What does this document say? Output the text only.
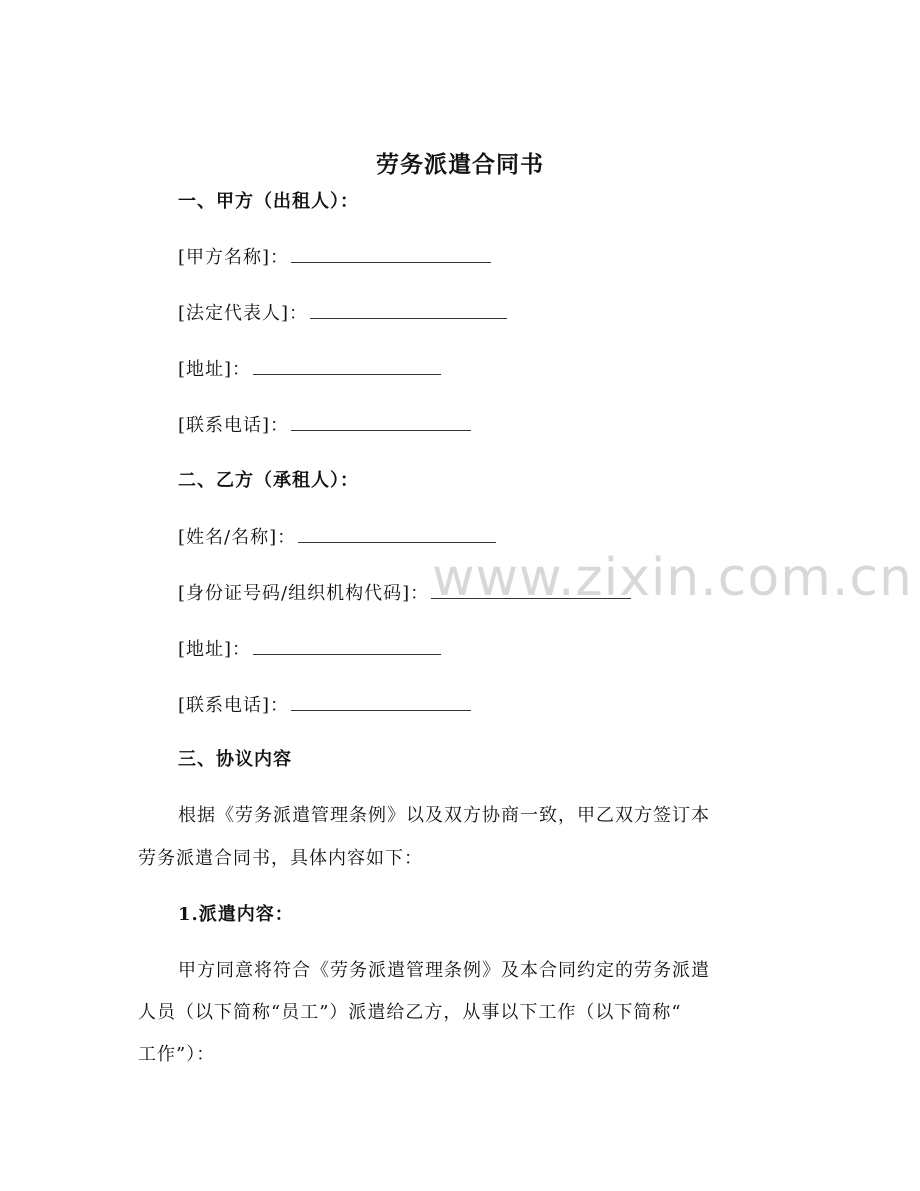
劳务派遣合同书
一、甲方（出租人）：
[甲方名称]：
[法定代表人]：
[地址]：
[联系电话]：
二、乙方（承租人）：
[姓名/名称]：
[身份证号码/组织机构代码]：
[地址]：
[联系电话]：
三、协议内容
根据《劳务派遣管理条例》以及双方协商一致，甲乙双方签订本
劳务派遣合同书，具体内容如下：
1.派遣内容：
甲方同意将符合《劳务派遣管理条例》及本合同约定的劳务派遣
人员（以下简称“员工”）派遣给乙方，从事以下工作（以下简称“
工作”）：
www.zixin.com.cn
